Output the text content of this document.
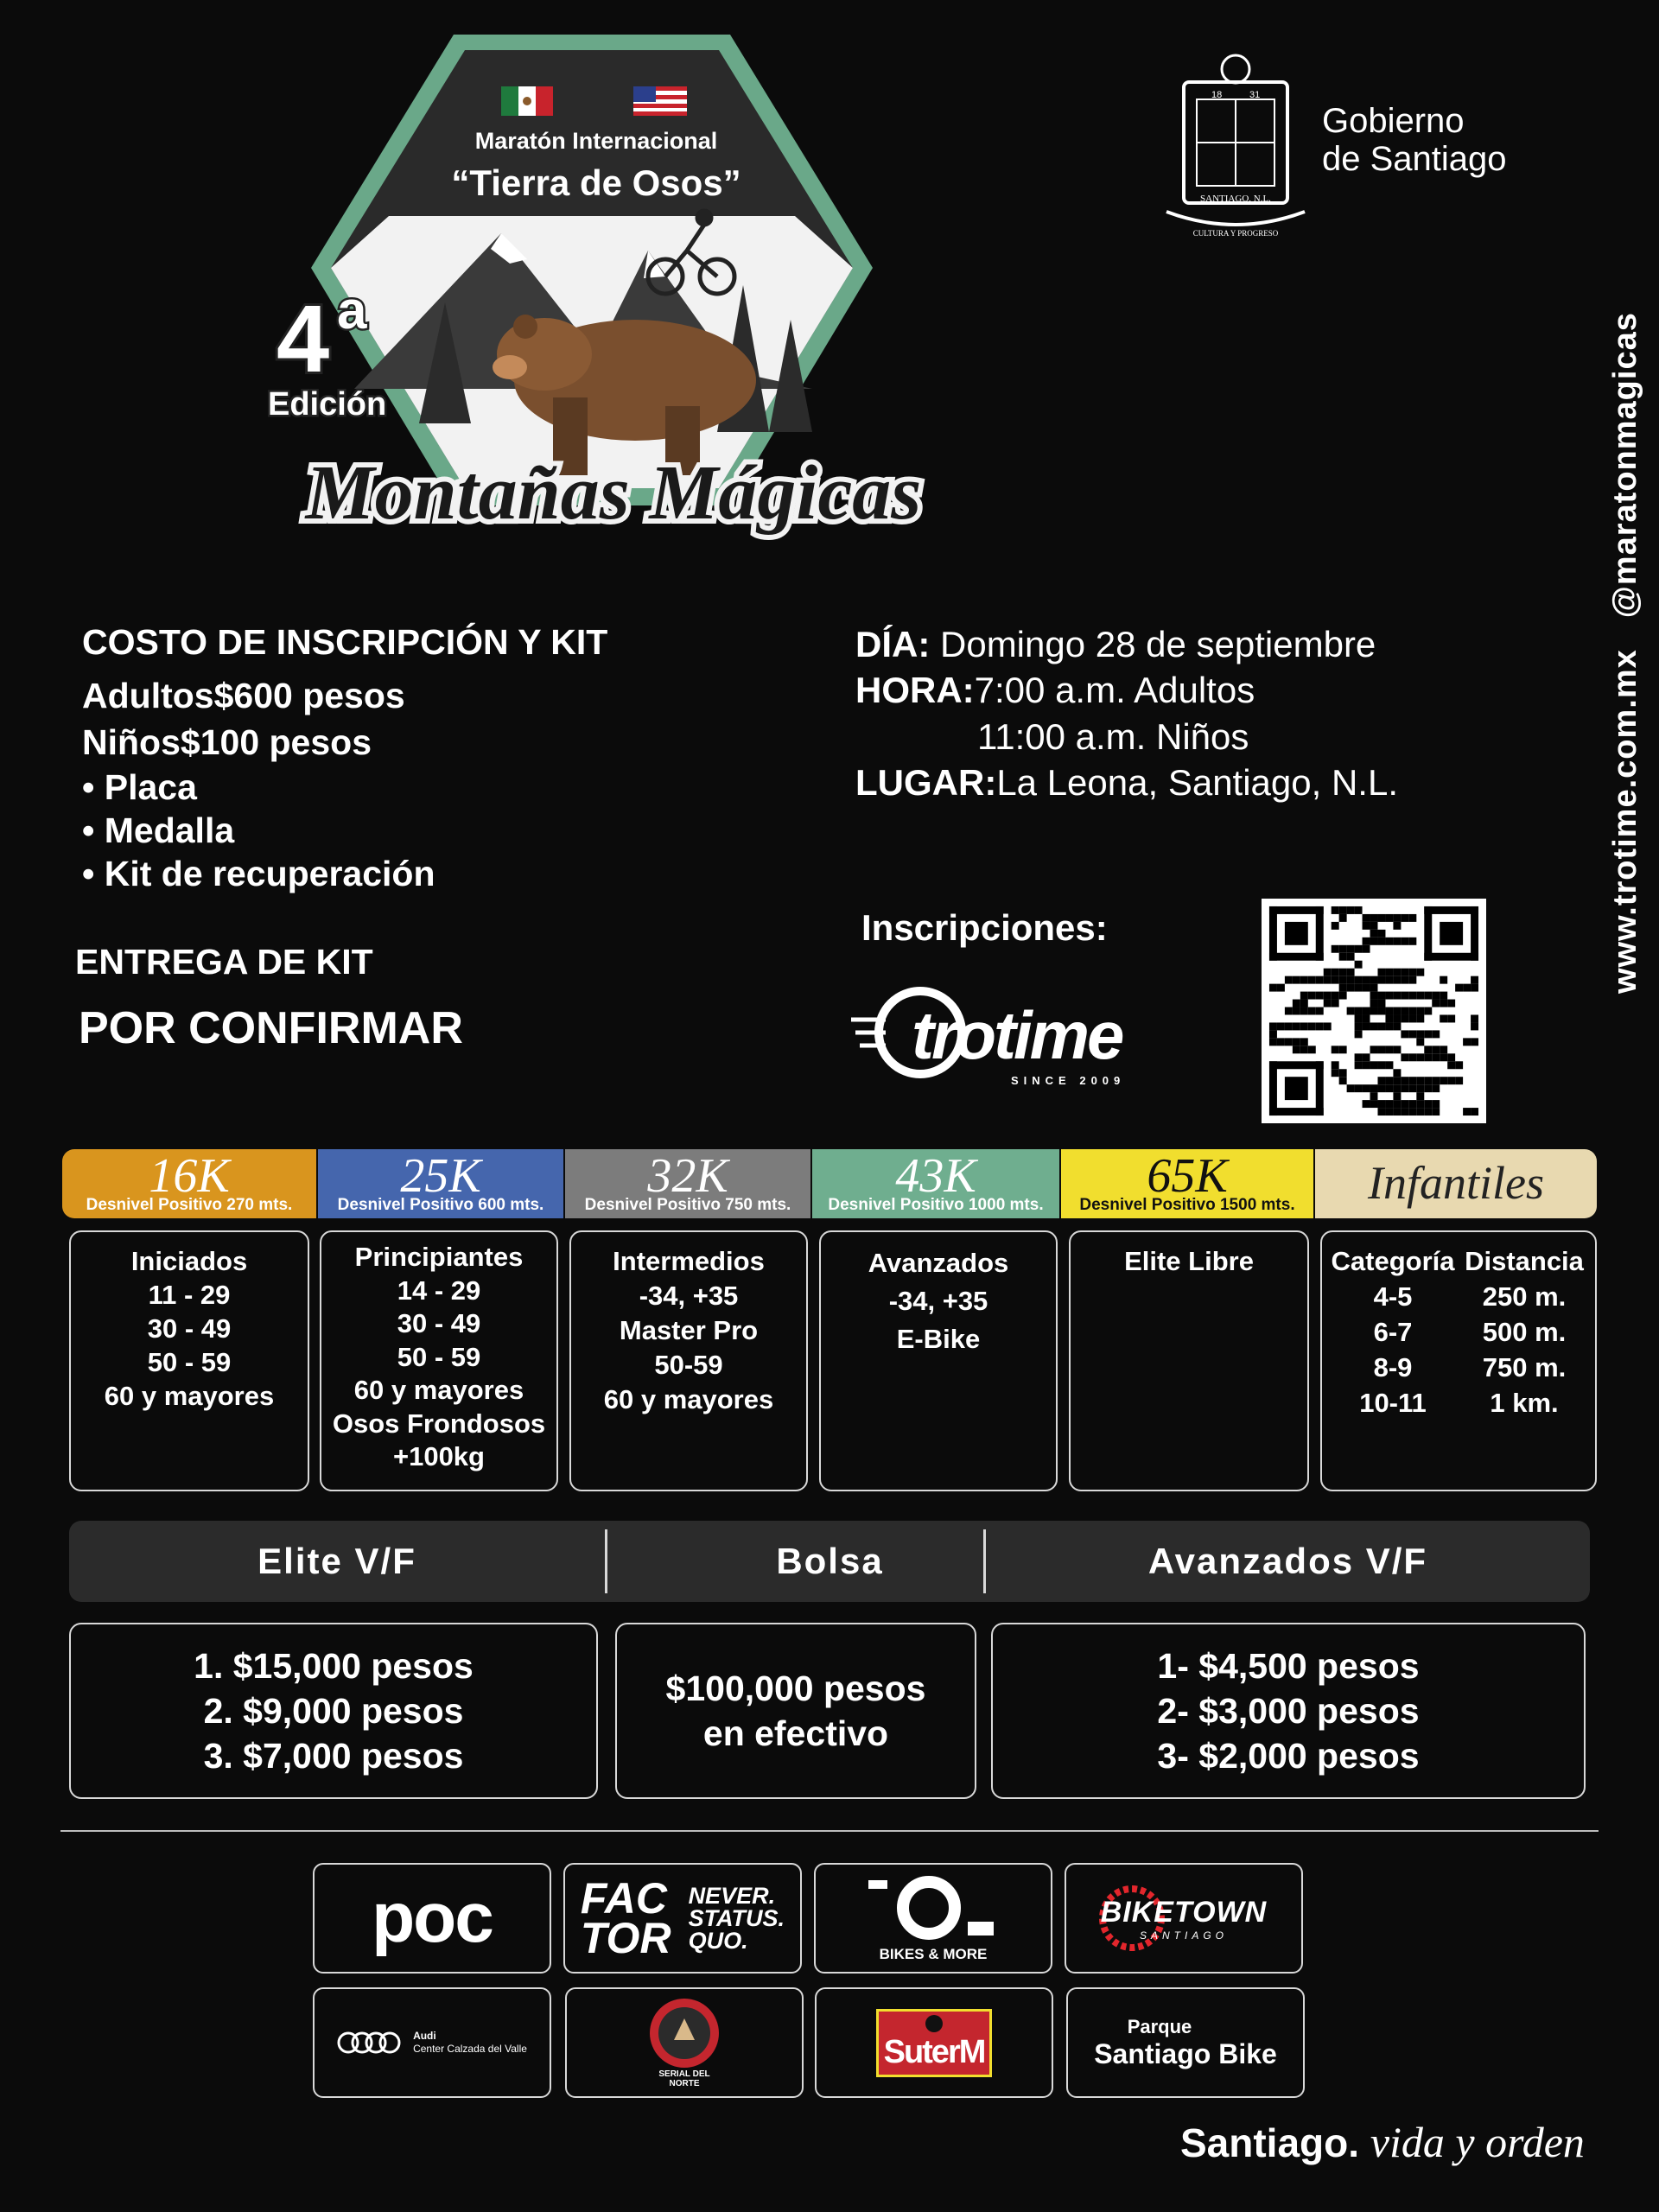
Maratón Internacional
“Tierra de Osos”
4 a
Edición
Montañas Mágicas
18	31
SANTIAGO, N.L.
CULTURA Y PROGRESO
Gobierno
de Santiago
www.trotime.com.mx@maratonmagicas
COSTO DE INSCRIPCIÓN Y KIT
Adultos$600 pesos
Niños$100 pesos
• Placa
• Medalla
• Kit de recuperación
ENTREGA DE KIT
POR CONFIRMAR
DÍA: Domingo 28 de septiembre
HORA:7:00 a.m. Adultos
11:00 a.m. Niños
LUGAR:La Leona, Santiago, N.L.
Inscripciones:
trotime
SINCE 2009
16K
Desnivel Positivo 270 mts.
25K
Desnivel Positivo 600 mts.
32K
Desnivel Positivo 750 mts.
43K
Desnivel Positivo 1000 mts.
65K
Desnivel Positivo 1500 mts.	Infantiles
Iniciados
11 - 29
30 - 49
50 - 59
60 y mayores
Principiantes
14 - 29
30 - 49
50 - 59
60 y mayores
Osos Frondosos
+100kg
Intermedios
-34, +35
Master Pro
50-59
60 y mayores
Avanzados
-34, +35
E-Bike
Elite Libre	Categoría Distancia
4-5	250 m.
6-7	500 m.
8-9	750 m.
10-11	1 km.
Elite V/F	Bolsa	Avanzados V/F
1. $15,000 pesos
2. $9,000 pesos
3. $7,000 pesos
$100,000 pesos
en efectivo
1- $4,500 pesos
2- $3,000 pesos
3- $2,000 pesos
poc FAC
TOR
NEVER.
STATUS.
QUO.
BIKES & MORE
BIKETOWN
SANTIAGO
Audi
Center Calzada del Valle
SERIAL DEL NORTE
SuterM
Parque
Santiago Bike
Santiago. vida y orden
